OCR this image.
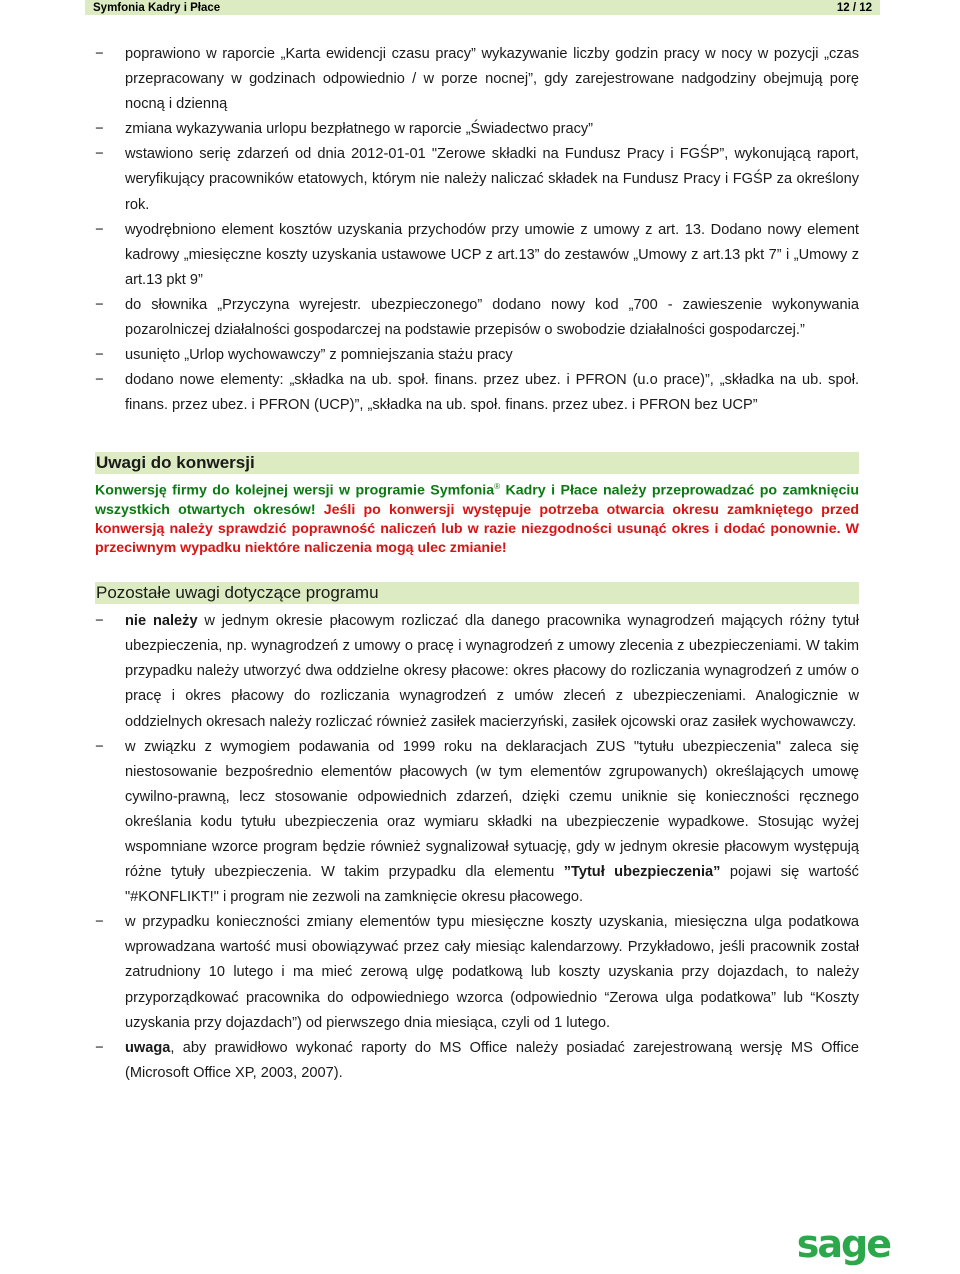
Symfonia Kadry i Płace	12 / 12
− poprawiono w raporcie „Karta ewidencji czasu pracy” wykazywanie liczby godzin pracy w nocy w pozycji „czas przepracowany w godzinach odpowiednio / w porze nocnej”, gdy zarejestrowane nadgodziny obejmują porę nocną i dzienną
− zmiana wykazywania urlopu bezpłatnego w raporcie „Świadectwo pracy”
− wstawiono serię zdarzeń od dnia 2012-01-01 "Zerowe składki na Fundusz Pracy i FGŚP”, wykonującą raport, weryfikujący pracowników etatowych, którym nie należy naliczać składek na Fundusz Pracy i FGŚP za określony rok.
− wyodrębniono element kosztów uzyskania przychodów przy umowie z umowy z art. 13. Dodano nowy element kadrowy „miesięczne koszty uzyskania ustawowe UCP z art.13” do zestawów „Umowy z art.13 pkt 7” i „Umowy z art.13 pkt 9”
− do słownika „Przyczyna wyrejestr. ubezpieczonego” dodano nowy kod „700 - zawieszenie wykonywania pozarolniczej działalności gospodarczej na podstawie przepisów o swobodzie działalności gospodarczej.”
− usunięto „Urlop wychowawczy” z pomniejszania stażu pracy
− dodano nowe elementy: „składka na ub. społ. finans. przez ubez. i PFRON (u.o prace)”, „składka na ub. społ. finans. przez ubez. i PFRON (UCP)”, „składka na ub. społ. finans. przez ubez. i PFRON bez UCP”
Uwagi do konwersji
Konwersję firmy do kolejnej wersji w programie Symfonia® Kadry i Płace należy przeprowadzać po zamknięciu wszystkich otwartych okresów! Jeśli po konwersji występuje potrzeba otwarcia okresu zamkniętego przed konwersją należy sprawdzić poprawność naliczeń lub w razie niezgodności usunąć okres i dodać ponownie. W przeciwnym wypadku niektóre naliczenia mogą ulec zmianie!
Pozostałe uwagi dotyczące programu
− nie należy w jednym okresie płacowym rozliczać dla danego pracownika wynagrodzeń mających różny tytuł ubezpieczenia, np. wynagrodzeń z umowy o pracę i wynagrodzeń z umowy zlecenia z ubezpieczeniami. W takim przypadku należy utworzyć dwa oddzielne okresy płacowe: okres płacowy do rozliczania wynagrodzeń z umów o pracę i okres płacowy do rozliczania wynagrodzeń z umów zleceń z ubezpieczeniami. Analogicznie w oddzielnych okresach należy rozliczać również zasiłek macierzyński, zasiłek ojcowski oraz zasiłek wychowawczy.
− w związku z wymogiem podawania od 1999 roku na deklaracjach ZUS "tytułu ubezpieczenia" zaleca się niestosowanie bezpośrednio elementów płacowych (w tym elementów zgrupowanych) określających umowę cywilno-prawną, lecz stosowanie odpowiednich zdarzeń, dzięki czemu uniknie się konieczności ręcznego określania kodu tytułu ubezpieczenia oraz wymiaru składki na ubezpieczenie wypadkowe. Stosując wyżej wspomniane wzorce program będzie również sygnalizował sytuację, gdy w jednym okresie płacowym występują różne tytuły ubezpieczenia. W takim przypadku dla elementu ”Tytuł ubezpieczenia” pojawi się wartość "#KONFLIKT!" i program nie zezwoli na zamknięcie okresu płacowego.
− w przypadku konieczności zmiany elementów typu miesięczne koszty uzyskania, miesięczna ulga podatkowa wprowadzana wartość musi obowiązywać przez cały miesiąc kalendarzowy. Przykładowo, jeśli pracownik został zatrudniony 10 lutego i ma mieć zerową ulgę podatkową lub koszty uzyskania przy dojazdach, to należy przyporządkować pracownika do odpowiedniego wzorca (odpowiednio “Zerowa ulga podatkowa” lub “Koszty uzyskania przy dojazdach”) od pierwszego dnia miesiąca, czyli od 1 lutego.
− uwaga, aby prawidłowo wykonać raporty do MS Office należy posiadać zarejestrowaną wersję MS Office (Microsoft Office XP, 2003, 2007).
sage
